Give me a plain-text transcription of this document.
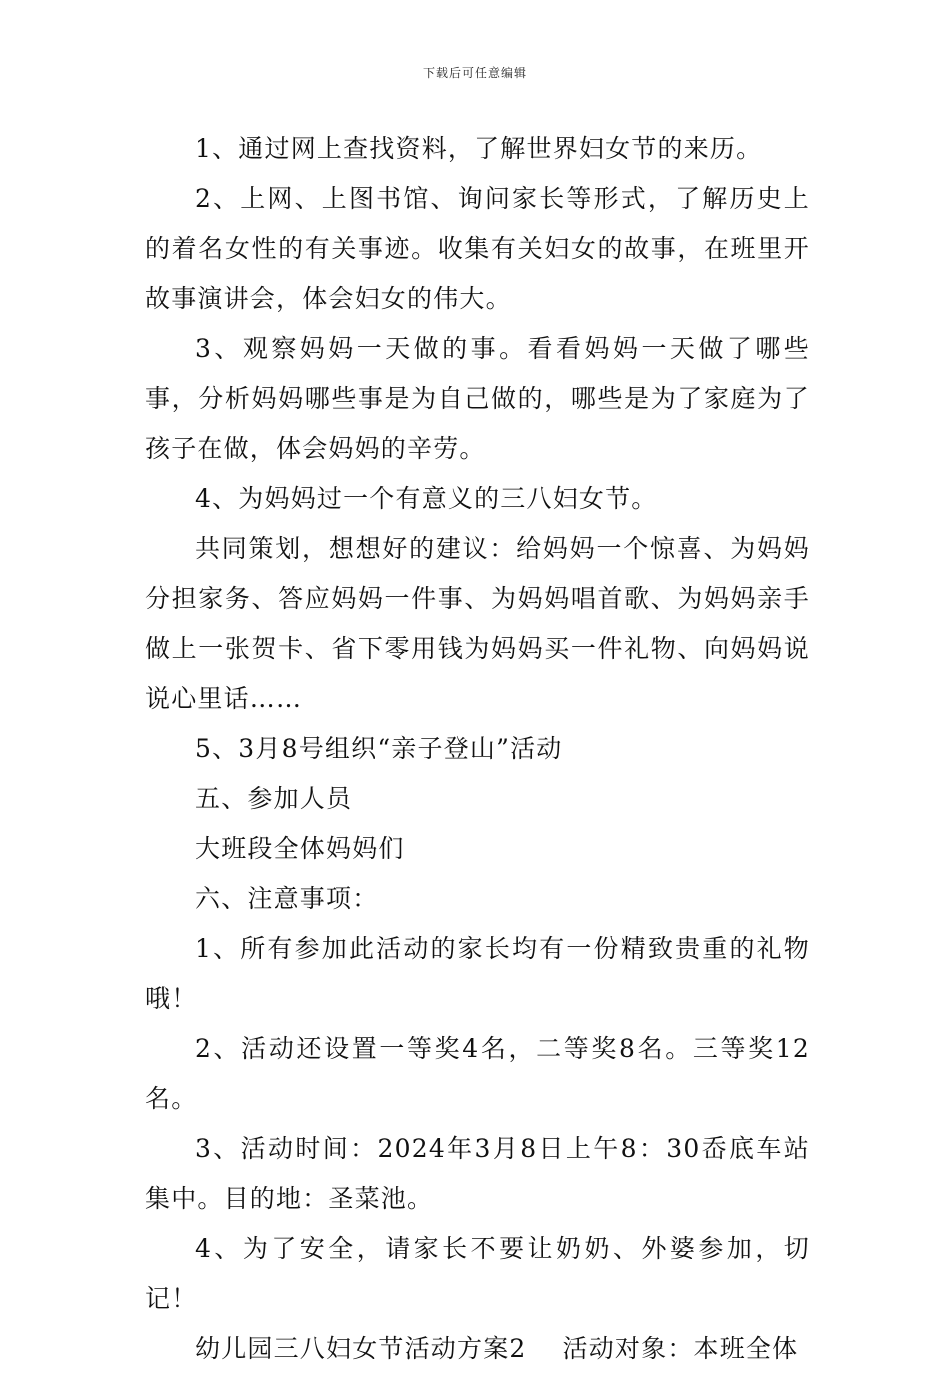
下载后可任意编辑

1、通过网上查找资料，了解世界妇女节的来历。

2、上网、上图书馆、询问家长等形式，了解历史上的着名女性的有关事迹。收集有关妇女的故事，在班里开故事演讲会，体会妇女的伟大。

3、观察妈妈一天做的事。看看妈妈一天做了哪些事，分析妈妈哪些事是为自己做的，哪些是为了家庭为了孩子在做，体会妈妈的辛劳。

4、为妈妈过一个有意义的三八妇女节。

共同策划，想想好的建议：给妈妈一个惊喜、为妈妈分担家务、答应妈妈一件事、为妈妈唱首歌、为妈妈亲手做上一张贺卡、省下零用钱为妈妈买一件礼物、向妈妈说说心里话……

5、3月8号组织“亲子登山”活动

五、参加人员

大班段全体妈妈们

六、注意事项：

1、所有参加此活动的家长均有一份精致贵重的礼物哦！

2、活动还设置一等奖4名，二等奖8名。三等奖12名。

3、活动时间：2024年3月8日上午8：30岙底车站集中。目的地：圣菜池。

4、为了安全，请家长不要让奶奶、外婆参加，切记！

幼儿园三八妇女节活动方案2 活动对象：本班全体
